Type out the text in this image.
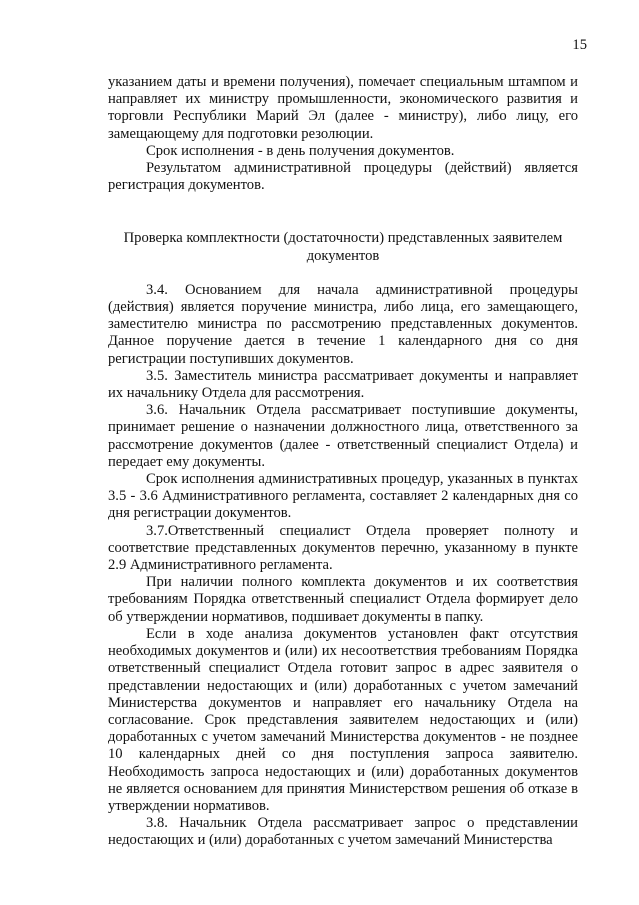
15

указанием даты и времени получения), помечает специальным штампом и направляет их министру промышленности, экономического развития и торговли Республики Марий Эл (далее - министру), либо лицу, его замещающему для подготовки резолюции.

Срок исполнения - в день получения документов.

Результатом административной процедуры (действий) является регистрация документов.

Проверка комплектности (достаточности) представленных заявителем документов

3.4. Основанием для начала административной процедуры (действия) является поручение министра, либо лица, его замещающего, заместителю министра по рассмотрению представленных документов. Данное поручение дается в течение 1 календарного дня со дня регистрации поступивших документов.

3.5. Заместитель министра рассматривает документы и направляет их начальнику Отдела для рассмотрения.

3.6. Начальник Отдела рассматривает поступившие документы, принимает решение о назначении должностного лица, ответственного за рассмотрение документов (далее - ответственный специалист Отдела) и передает ему документы.

Срок исполнения административных процедур, указанных в пунктах 3.5 - 3.6 Административного регламента, составляет 2 календарных дня со дня регистрации документов.

3.7.Ответственный специалист Отдела проверяет полноту и соответствие представленных документов перечню, указанному в пункте 2.9 Административного регламента.

При наличии полного комплекта документов и их соответствия требованиям Порядка ответственный специалист Отдела формирует дело об утверждении нормативов, подшивает документы в папку.

Если в ходе анализа документов установлен факт отсутствия необходимых документов и (или) их несоответствия требованиям Порядка ответственный специалист Отдела готовит запрос в адрес заявителя о представлении недостающих и (или) доработанных с учетом замечаний Министерства документов и направляет его начальнику Отдела на согласование. Срок представления заявителем недостающих и (или) доработанных с учетом замечаний Министерства документов - не позднее 10 календарных дней со дня поступления запроса заявителю. Необходимость запроса недостающих и (или) доработанных документов не является основанием для принятия Министерством решения об отказе в утверждении нормативов.

3.8. Начальник Отдела рассматривает запрос о представлении недостающих и (или) доработанных с учетом замечаний Министерства
